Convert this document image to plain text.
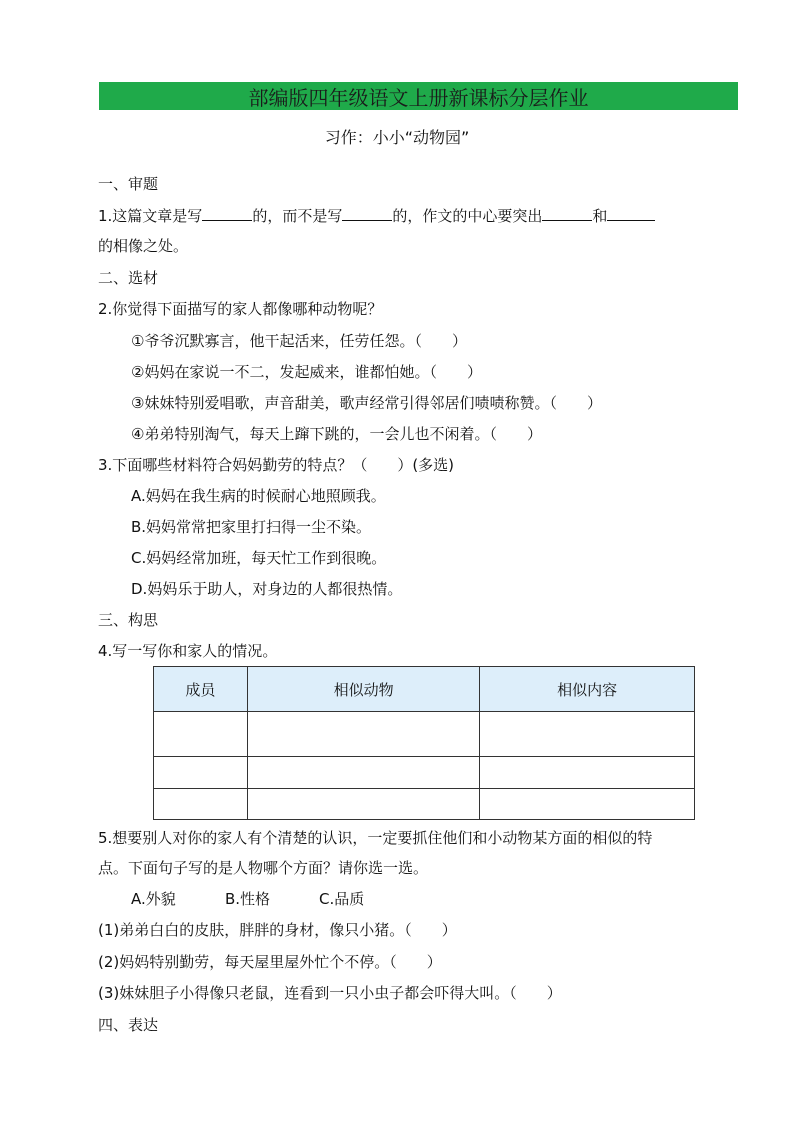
部编版四年级语文上册新课标分层作业
习作：小小“动物园”
一、审题
1.这篇文章是写	的，而不是写	的，作文的中心要突出	和
的相像之处。
二、选材
2.你觉得下面描写的家人都像哪种动物呢？
①爷爷沉默寡言，他干起活来，任劳任怨。（　　）
②妈妈在家说一不二，发起威来，谁都怕她。（　　）
③妹妹特别爱唱歌，声音甜美，歌声经常引得邻居们啧啧称赞。（　　）
④弟弟特别淘气，每天上蹿下跳的，一会儿也不闲着。（　　）
3.下面哪些材料符合妈妈勤劳的特点？（　　）(多选)
A.妈妈在我生病的时候耐心地照顾我。
B.妈妈常常把家里打扫得一尘不染。
C.妈妈经常加班，每天忙工作到很晚。
D.妈妈乐于助人，对身边的人都很热情。
三、构思
4.写一写你和家人的情况。
成员	相似动物	相似内容

5.想要别人对你的家人有个清楚的认识，一定要抓住他们和小动物某方面的相似的特
点。下面句子写的是人物哪个方面？请你选一选。
A.外貌	B.性格	C.品质
(1)弟弟白白的皮肤，胖胖的身材，像只小猪。（　　）
(2)妈妈特别勤劳，每天屋里屋外忙个不停。（　　）
(3)妹妹胆子小得像只老鼠，连看到一只小虫子都会吓得大叫。（　　）
四、表达
